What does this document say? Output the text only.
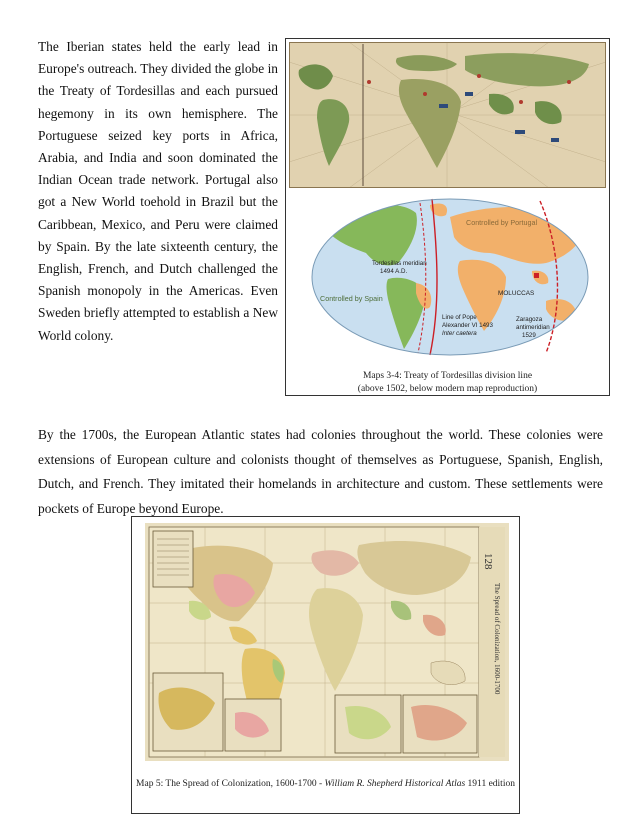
The Iberian states held the early lead in Europe's outreach. They divided the globe in the Treaty of Tordesillas and each pursued hegemony in its own hemisphere. The Portuguese seized key ports in Africa, Arabia, and India and soon dominated the Indian Ocean trade network. Portugal also got a New World toehold in Brazil but the Caribbean, Mexico, and Peru were claimed by Spain. By the late sixteenth century, the English, French, and Dutch challenged the Spanish monopoly in the Americas. Even Sweden briefly attempted to establish a New World colony.

Controlled by Portugal
Controlled by Spain
Tordesillas meridian
1494 A.D.
Line of Pope
Alexander VI 1493
Inter caetera
MOLUCCAS
Zaragoza
antimeridian
1529
Maps 3-4: Treaty of Tordesillas division line
(above 1502, below modern map reproduction)

By the 1700s, the European Atlantic states had colonies throughout the world. These colonies were extensions of European culture and colonists thought of themselves as Portuguese, Spanish, English, Dutch, and French. They imitated their homelands in architecture and custom. These settlements were pockets of Europe beyond Europe.

128
The Spread of Colonization, 1600-1700
Map 5: The Spread of Colonization, 1600-1700 - William R. Shepherd Historical Atlas 1911 edition
